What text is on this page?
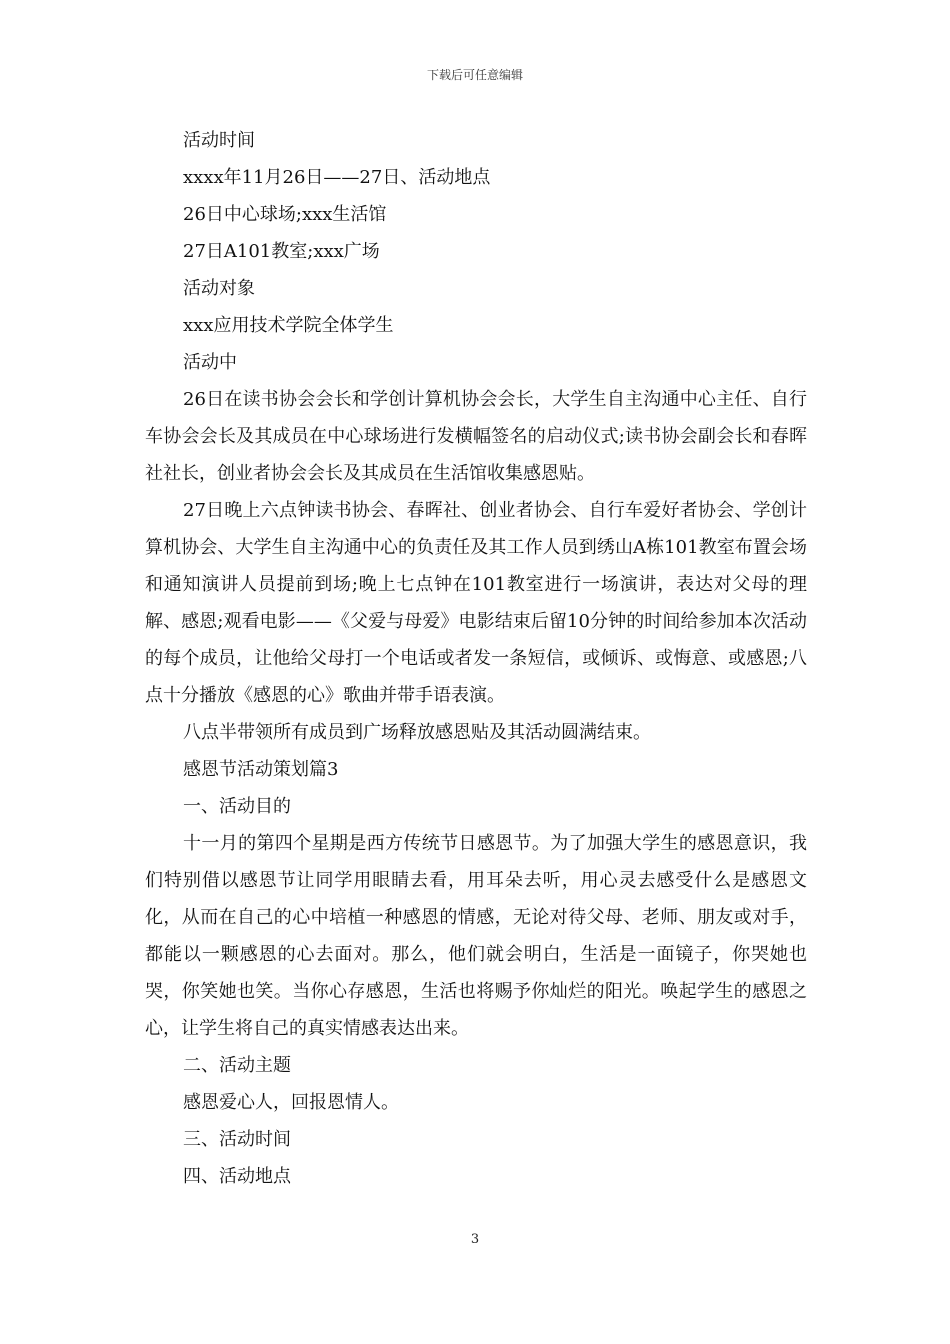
下载后可任意编辑

活动时间

xxxx年11月26日——27日、活动地点

26日中心球场;xxx生活馆

27日A101教室;xxx广场

活动对象

xxx应用技术学院全体学生

活动中

26日在读书协会会长和学创计算机协会会长，大学生自主沟通中心主任、自行车协会会长及其成员在中心球场进行发横幅签名的启动仪式;读书协会副会长和春晖社社长，创业者协会会长及其成员在生活馆收集感恩贴。

27日晚上六点钟读书协会、春晖社、创业者协会、自行车爱好者协会、学创计算机协会、大学生自主沟通中心的负责任及其工作人员到绣山A栋101教室布置会场和通知演讲人员提前到场;晚上七点钟在101教室进行一场演讲，表达对父母的理解、感恩;观看电影——《父爱与母爱》电影结束后留10分钟的时间给参加本次活动的每个成员，让他给父母打一个电话或者发一条短信，或倾诉、或悔意、或感恩;八点十分播放《感恩的心》歌曲并带手语表演。

八点半带领所有成员到广场释放感恩贴及其活动圆满结束。

感恩节活动策划篇3

一、活动目的

十一月的第四个星期是西方传统节日感恩节。为了加强大学生的感恩意识，我们特别借以感恩节让同学用眼睛去看，用耳朵去听，用心灵去感受什么是感恩文化，从而在自己的心中培植一种感恩的情感，无论对待父母、老师、朋友或对手，都能以一颗感恩的心去面对。那么，他们就会明白，生活是一面镜子，你哭她也哭，你笑她也笑。当你心存感恩，生活也将赐予你灿烂的阳光。唤起学生的感恩之心，让学生将自己的真实情感表达出来。

二、活动主题

感恩爱心人，回报恩情人。

三、活动时间

四、活动地点

3
